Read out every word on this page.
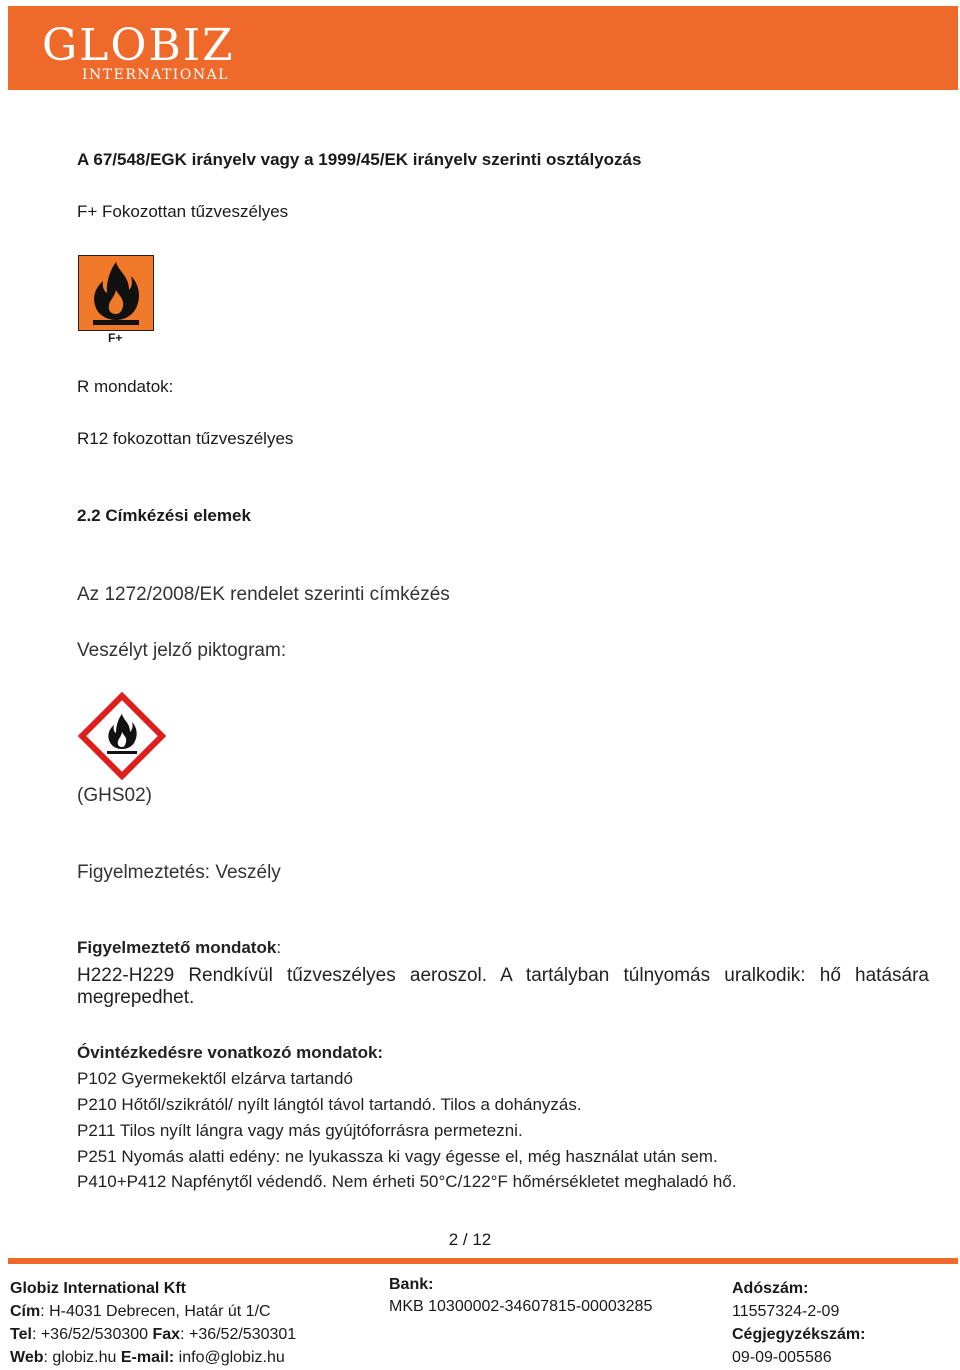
GLOBIZ
INTERNATIONAL
A 67/548/EGK irányelv vagy a 1999/45/EK irányelv szerinti osztályozás
F+ Fokozottan tűzveszélyes
F+
R mondatok:
R12 fokozottan tűzveszélyes
2.2 Címkézési elemek
Az 1272/2008/EK rendelet szerinti címkézés
Veszélyt jelző piktogram:
(GHS02)
Figyelmeztetés: Veszély
Figyelmeztető mondatok:
H222-H229 Rendkívül tűzveszélyes aeroszol. A tartályban túlnyomás uralkodik: hő hatására megrepedhet.
Óvintézkedésre vonatkozó mondatok:
P102 Gyermekektől elzárva tartandó
P210 Hőtől/szikrától/ nyílt lángtól távol tartandó. Tilos a dohányzás.
P211 Tilos nyílt lángra vagy más gyújtóforrásra permetezni.
P251 Nyomás alatti edény: ne lyukassza ki vagy égesse el, még használat után sem.
P410+P412 Napfénytől védendő. Nem érheti 50°C/122°F hőmérsékletet meghaladó hő.
2 / 12
Globiz International Kft
Cím: H-4031 Debrecen, Határ út 1/C
Tel: +36/52/530300 Fax: +36/52/530301
Web: globiz.hu E-mail: info@globiz.hu
Bank:
MKB 10300002-34607815-00003285
Adószám:
11557324-2-09
Cégjegyzékszám:
09-09-005586
